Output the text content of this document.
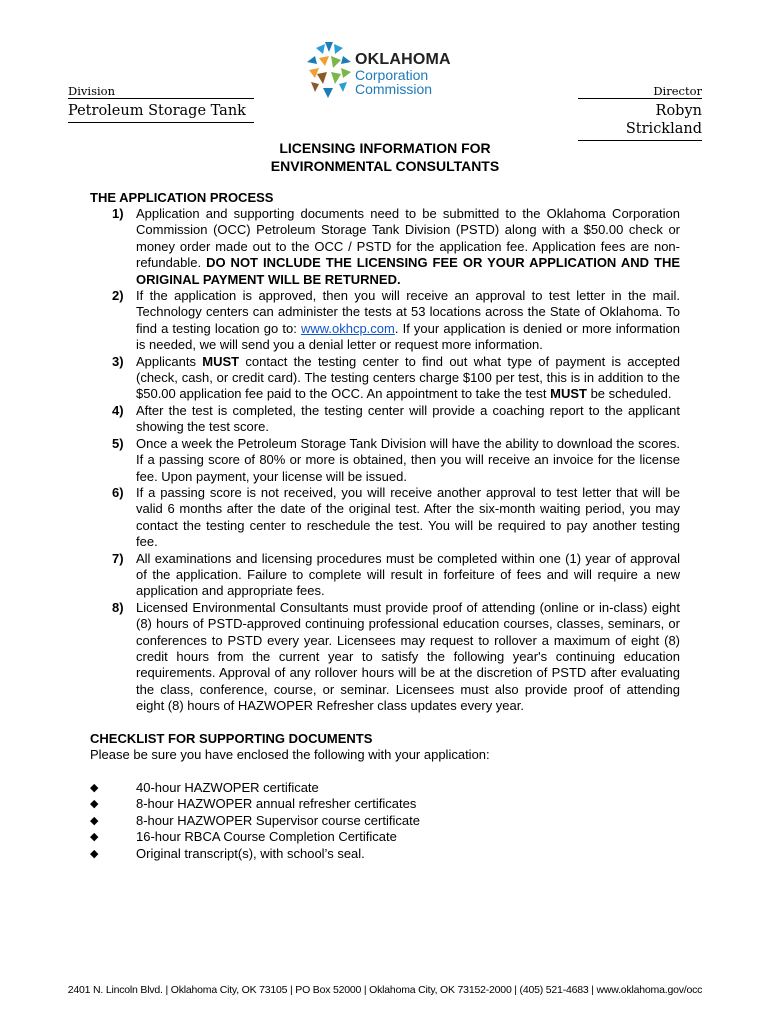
Division
Petroleum Storage Tank
OKLAHOMA
Corporation
Commission	Director
Robyn Strickland
LICENSING INFORMATION FOR
ENVIRONMENTAL CONSULTANTS
THE APPLICATION PROCESS
1) Application and supporting documents need to be submitted to the Oklahoma Corporation Commission (OCC) Petroleum Storage Tank Division (PSTD) along with a $50.00 check or money order made out to the OCC / PSTD for the application fee. Application fees are non-refundable. DO NOT INCLUDE THE LICENSING FEE OR YOUR APPLICATION AND THE ORIGINAL PAYMENT WILL BE RETURNED.
2) If the application is approved, then you will receive an approval to test letter in the mail. Technology centers can administer the tests at 53 locations across the State of Oklahoma. To find a testing location go to: www.okhcp.com. If your application is denied or more information is needed, we will send you a denial letter or request more information.
3) Applicants MUST contact the testing center to find out what type of payment is accepted (check, cash, or credit card). The testing centers charge $100 per test, this is in addition to the $50.00 application fee paid to the OCC. An appointment to take the test MUST be scheduled.
4) After the test is completed, the testing center will provide a coaching report to the applicant showing the test score.
5) Once a week the Petroleum Storage Tank Division will have the ability to download the scores. If a passing score of 80% or more is obtained, then you will receive an invoice for the license fee. Upon payment, your license will be issued.
6) If a passing score is not received, you will receive another approval to test letter that will be valid 6 months after the date of the original test. After the six-month waiting period, you may contact the testing center to reschedule the test. You will be required to pay another testing fee.
7) All examinations and licensing procedures must be completed within one (1) year of approval of the application. Failure to complete will result in forfeiture of fees and will require a new application and appropriate fees.
8) Licensed Environmental Consultants must provide proof of attending (online or in-class) eight (8) hours of PSTD-approved continuing professional education courses, classes, seminars, or conferences to PSTD every year. Licensees may request to rollover a maximum of eight (8) credit hours from the current year to satisfy the following year's continuing education requirements. Approval of any rollover hours will be at the discretion of PSTD after evaluating the class, conference, course, or seminar. Licensees must also provide proof of attending eight (8) hours of HAZWOPER Refresher class updates every year.
CHECKLIST FOR SUPPORTING DOCUMENTS
Please be sure you have enclosed the following with your application:
◆	40-hour HAZWOPER certificate
◆	8-hour HAZWOPER annual refresher certificates
◆	8-hour HAZWOPER Supervisor course certificate
◆	16-hour RBCA Course Completion Certificate
◆	Original transcript(s), with school’s seal.
2401 N. Lincoln Blvd. | Oklahoma City, OK 73105 | PO Box 52000 | Oklahoma City, OK 73152-2000 | (405) 521-4683 | www.oklahoma.gov/occ
